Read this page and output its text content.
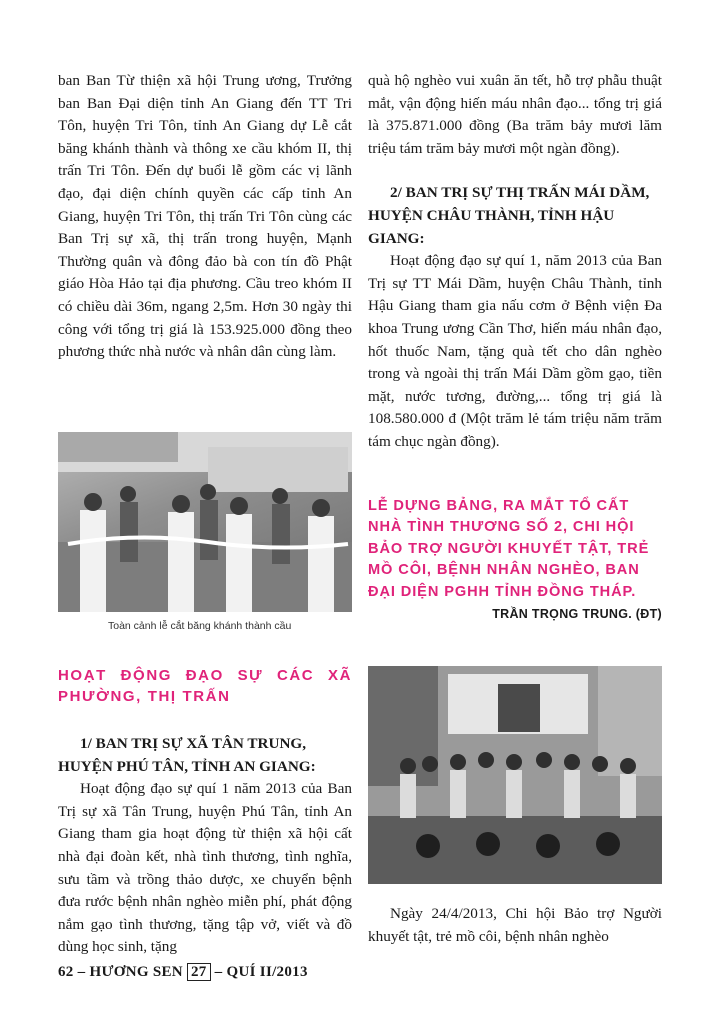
ban Ban Từ thiện xã hội Trung ương, Trưởng ban Ban Đại diện tỉnh An Giang đến TT Tri Tôn, huyện Tri Tôn, tỉnh An Giang dự Lễ cắt băng khánh thành và thông xe cầu khóm II, thị trấn Tri Tôn. Đến dự buổi lễ gồm các vị lãnh đạo, đại diện chính quyền các cấp tỉnh An Giang, huyện Tri Tôn, thị trấn Tri Tôn cùng các Ban Trị sự xã, thị trấn trong huyện, Mạnh Thường quân và đông đảo bà con tín đồ Phật giáo Hòa Hảo tại địa phương. Cầu treo khóm II có chiều dài 36m, ngang 2,5m. Hơn 30 ngày thi công với tổng trị giá là 153.925.000 đồng theo phương thức nhà nước và nhân dân cùng làm.

Toàn cảnh lễ cắt băng khánh thành cầu
HOẠT ĐỘNG ĐẠO SỰ CÁC XÃ PHƯỜNG, THỊ TRẤN
1/ BAN TRỊ SỰ XÃ TÂN TRUNG, HUYỆN PHÚ TÂN, TỈNH AN GIANG:

Hoạt động đạo sự quí 1 năm 2013 của Ban Trị sự xã Tân Trung, huyện Phú Tân, tỉnh An Giang tham gia hoạt động từ thiện xã hội cất nhà đại đoàn kết, nhà tình thương, tình nghĩa, sưu tầm và trồng thảo dược, xe chuyển bệnh đưa rước bệnh nhân nghèo miễn phí, phát động nắm gạo tình thương, tặng tập vở, viết và đồ dùng học sinh, tặng

quà hộ nghèo vui xuân ăn tết, hỗ trợ phẫu thuật mắt, vận động hiến máu nhân đạo... tổng trị giá là 375.871.000 đồng (Ba trăm bảy mươi lăm triệu tám trăm bảy mươi một ngàn đồng).

2/ BAN TRỊ SỰ THỊ TRẤN MÁI DẦM, HUYỆN CHÂU THÀNH, TỈNH HẬU GIANG:

Hoạt động đạo sự quí 1, năm 2013 của Ban Trị sự TT Mái Dầm, huyện Châu Thành, tỉnh Hậu Giang tham gia nấu cơm ở Bệnh viện Đa khoa Trung ương Cần Thơ, hiến máu nhân đạo, hốt thuốc Nam, tặng quà tết cho dân nghèo trong và ngoài thị trấn Mái Dầm gồm gạo, tiền mặt, nước tương, đường,... tổng trị giá là 108.580.000 đ (Một trăm lẻ tám triệu năm trăm tám chục ngàn đồng).

LỄ DỰNG BẢNG, RA MẮT TỔ CẤT NHÀ TÌNH THƯƠNG SỐ 2, CHI HỘI BẢO TRỢ NGƯỜI KHUYẾT TẬT, TRẺ MỒ CÔI, BỆNH NHÂN NGHÈO, BAN ĐẠI DIỆN PGHH TỈNH ĐỒNG THÁP.
TRẦN TRỌNG TRUNG. (ĐT)

Ngày 24/4/2013, Chi hội Bảo trợ Người khuyết tật, trẻ mồ côi, bệnh nhân nghèo

62 – HƯƠNG SEN 27 – QUÍ II/2013
